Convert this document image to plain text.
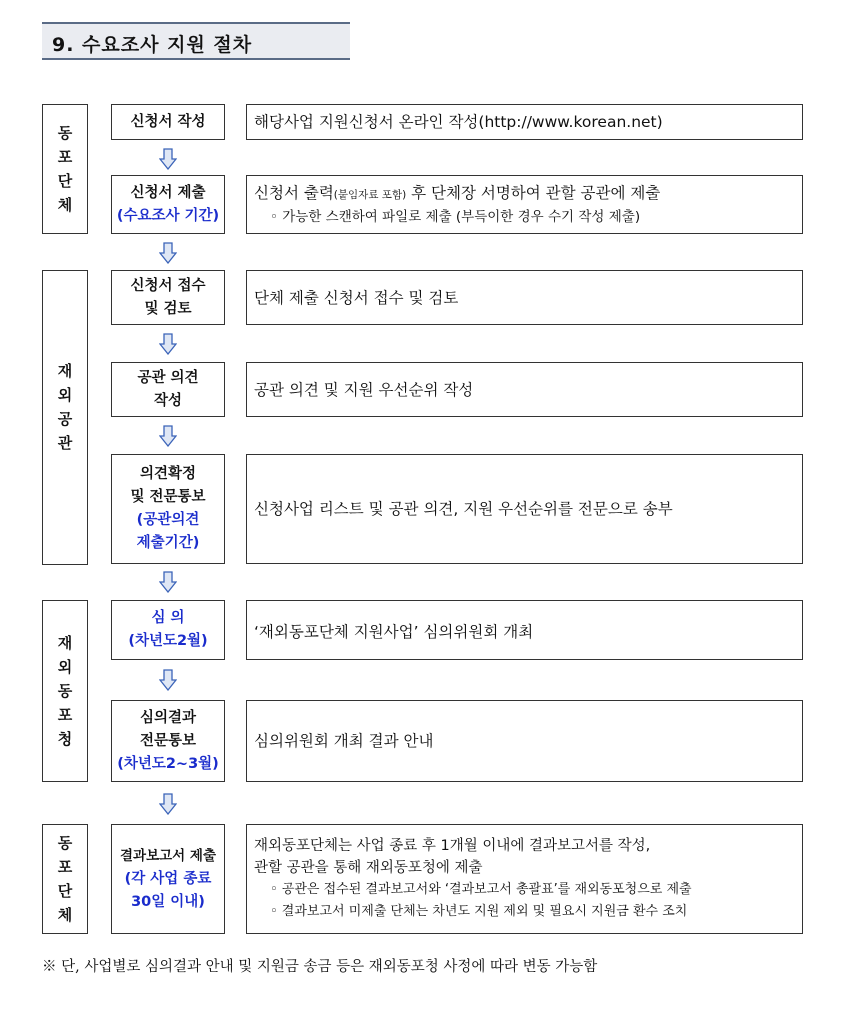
9. 수요조사 지원 절차
동
포
단
체
재
외
공
관
재
외
동
포
청
동
포
단
체
신청서 작성	해당사업 지원신청서 온라인 작성(http://www.korean.net)
신청서 제출
(수요조사 기간)
신청서 출력(붙임자료 포함) 후 단체장 서명하여 관할 공관에 제출
◦ 가능한 스캔하여 파일로 제출 (부득이한 경우 수기 작성 제출)
신청서 접수
및 검토
단체 제출 신청서 접수 및 검토
공관 의견
작성
공관 의견 및 지원 우선순위 작성
의견확정
및 전문통보
(공관의견
제출기간)
신청사업 리스트 및 공관 의견, 지원 우선순위를 전문으로 송부
심 의
(차년도2월)	‘재외동포단체 지원사업’ 심의위원회 개최
심의결과
전문통보
(차년도2~3월)
심의위원회 개최 결과 안내
결과보고서 제출
(각 사업 종료
30일 이내)
재외동포단체는 사업 종료 후 1개월 이내에 결과보고서를 작성,
관할 공관을 통해 재외동포청에 제출
◦ 공관은 접수된 결과보고서와 ‘결과보고서 총괄표’를 재외동포청으로 제출
◦ 결과보고서 미제출 단체는 차년도 지원 제외 및 필요시 지원금 환수 조치
※ 단, 사업별로 심의결과 안내 및 지원금 송금 등은 재외동포청 사정에 따라 변동 가능함
